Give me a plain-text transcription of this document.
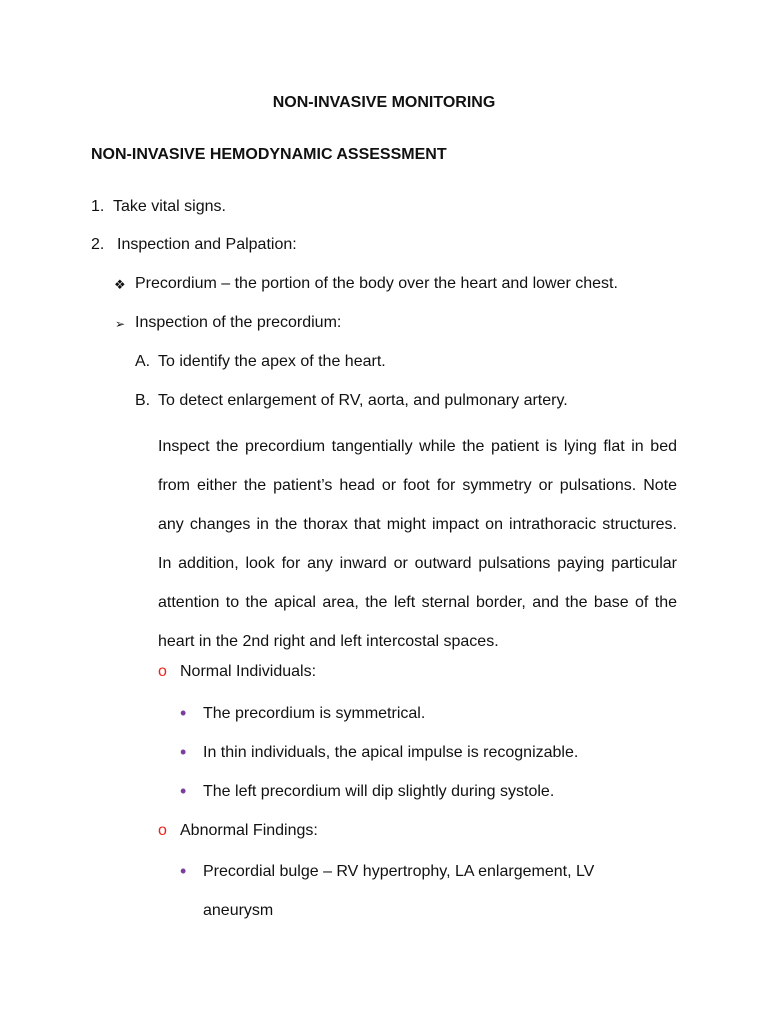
NON-INVASIVE MONITORING
NON-INVASIVE HEMODYNAMIC ASSESSMENT
1. Take vital signs.
2. Inspection and Palpation:
❖ Precordium – the portion of the body over the heart and lower chest.
➢ Inspection of the precordium:
A. To identify the apex of the heart.
B. To detect enlargement of RV, aorta, and pulmonary artery.

Inspect the precordium tangentially while the patient is lying flat in bed from either the patient’s head or foot for symmetry or pulsations. Note any changes in the thorax that might impact on intrathoracic structures. In addition, look for any inward or outward pulsations paying particular attention to the apical area, the left sternal border, and the base of the heart in the 2nd right and left intercostal spaces.

o Normal Individuals:
• The precordium is symmetrical.
• In thin individuals, the apical impulse is recognizable.
• The left precordium will dip slightly during systole.
o Abnormal Findings:
• Precordial bulge – RV hypertrophy, LA enlargement, LV
aneurysm
